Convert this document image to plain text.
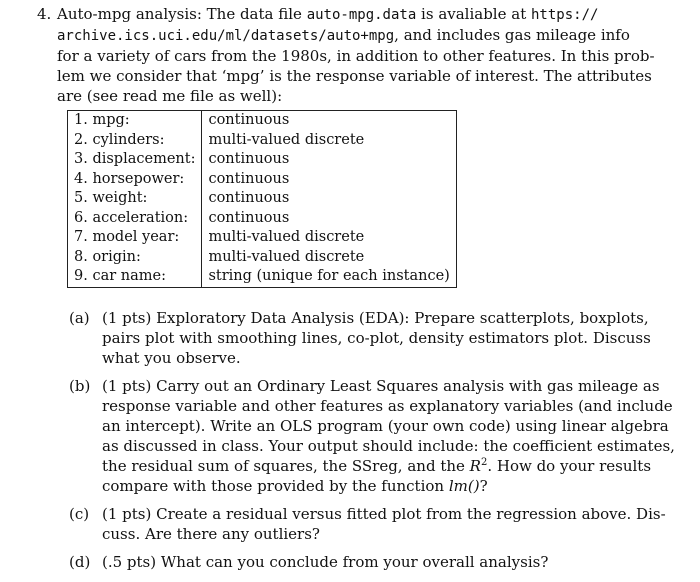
4. Auto-mpg analysis: The data file auto-mpg.data is avaliable at https://
archive.ics.uci.edu/ml/datasets/auto+mpg, and includes gas mileage info
for a variety of cars from the 1980s, in addition to other features. In this prob-
lem we consider that ‘mpg’ is the response variable of interest. The attributes
are (see read me file as well):
1. mpg:	continuous
2. cylinders:	multi-valued discrete
3. displacement:	continuous
4. horsepower:	continuous
5. weight:	continuous
6. acceleration:	continuous
7. model year:	multi-valued discrete
8. origin:	multi-valued discrete
9. car name:	string (unique for each instance)
(a) (1 pts) Exploratory Data Analysis (EDA): Prepare scatterplots, boxplots,
pairs plot with smoothing lines, co-plot, density estimators plot. Discuss
what you observe.
(b) (1 pts) Carry out an Ordinary Least Squares analysis with gas mileage as
response variable and other features as explanatory variables (and include
an intercept). Write an OLS program (your own code) using linear algebra
as discussed in class. Your output should include: the coefficient estimates,
the residual sum of squares, the SSreg, and the $R^2$. How do your results
compare with those provided by the function lm()?
(c) (1 pts) Create a residual versus fitted plot from the regression above. Dis-
cuss. Are there any outliers?
(d) (.5 pts) What can you conclude from your overall analysis?
